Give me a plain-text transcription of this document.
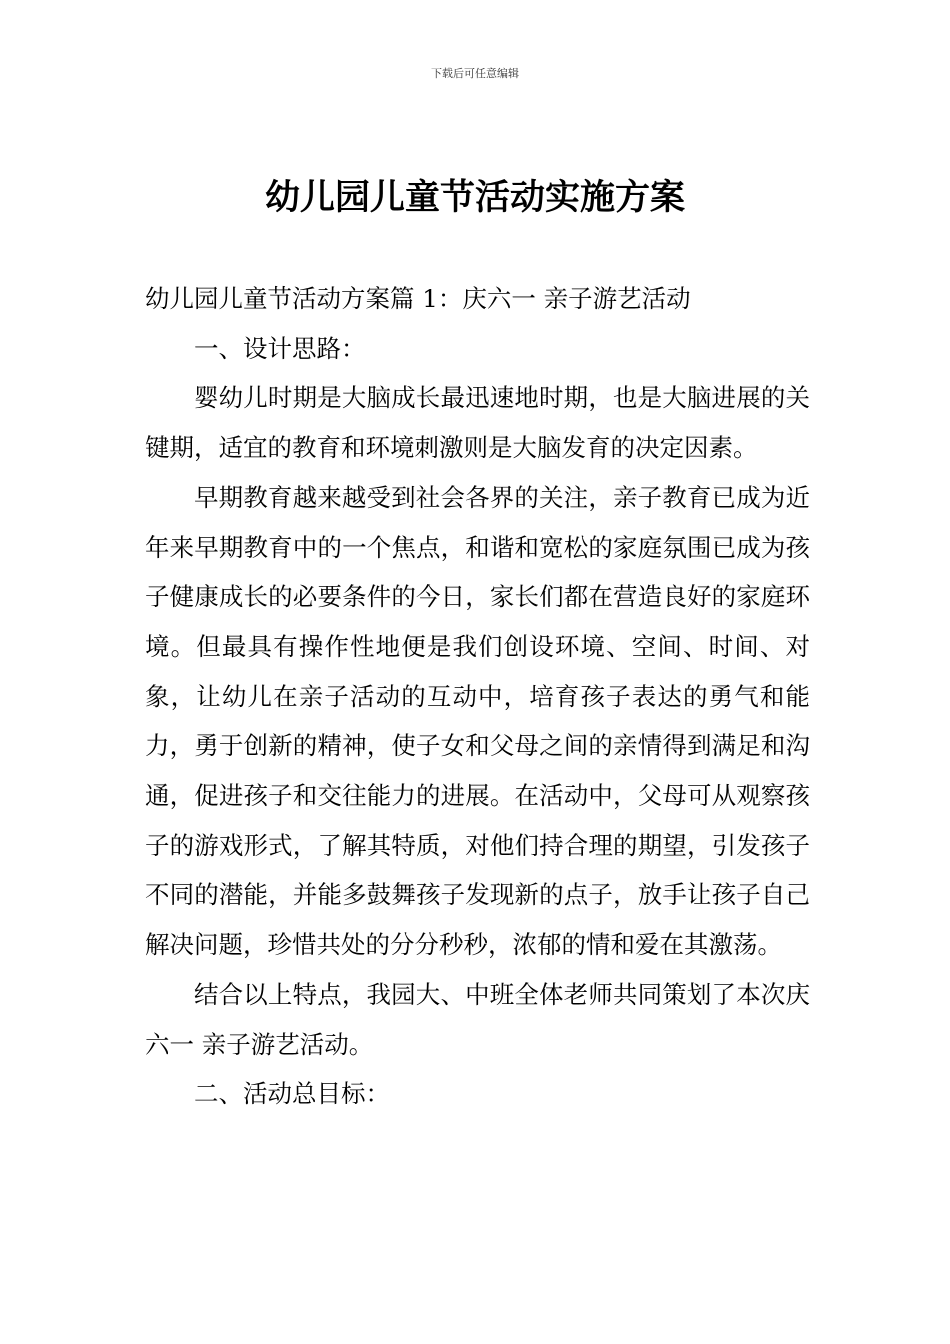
下载后可任意编辑
幼儿园儿童节活动实施方案

幼儿园儿童节活动方案篇 1：庆六一 亲子游艺活动

一、设计思路：

婴幼儿时期是大脑成长最迅速地时期，也是大脑进展的关键期，适宜的教育和环境刺激则是大脑发育的决定因素。

早期教育越来越受到社会各界的关注，亲子教育已成为近年来早期教育中的一个焦点，和谐和宽松的家庭氛围已成为孩子健康成长的必要条件的今日，家长们都在营造良好的家庭环境。但最具有操作性地便是我们创设环境、空间、时间、对象，让幼儿在亲子活动的互动中，培育孩子表达的勇气和能力，勇于创新的精神，使子女和父母之间的亲情得到满足和沟通，促进孩子和交往能力的进展。在活动中，父母可从观察孩子的游戏形式，了解其特质，对他们持合理的期望，引发孩子不同的潜能，并能多鼓舞孩子发现新的点子，放手让孩子自己解决问题，珍惜共处的分分秒秒，浓郁的情和爱在其激荡。

结合以上特点，我园大、中班全体老师共同策划了本次庆六一 亲子游艺活动。

二、活动总目标：
